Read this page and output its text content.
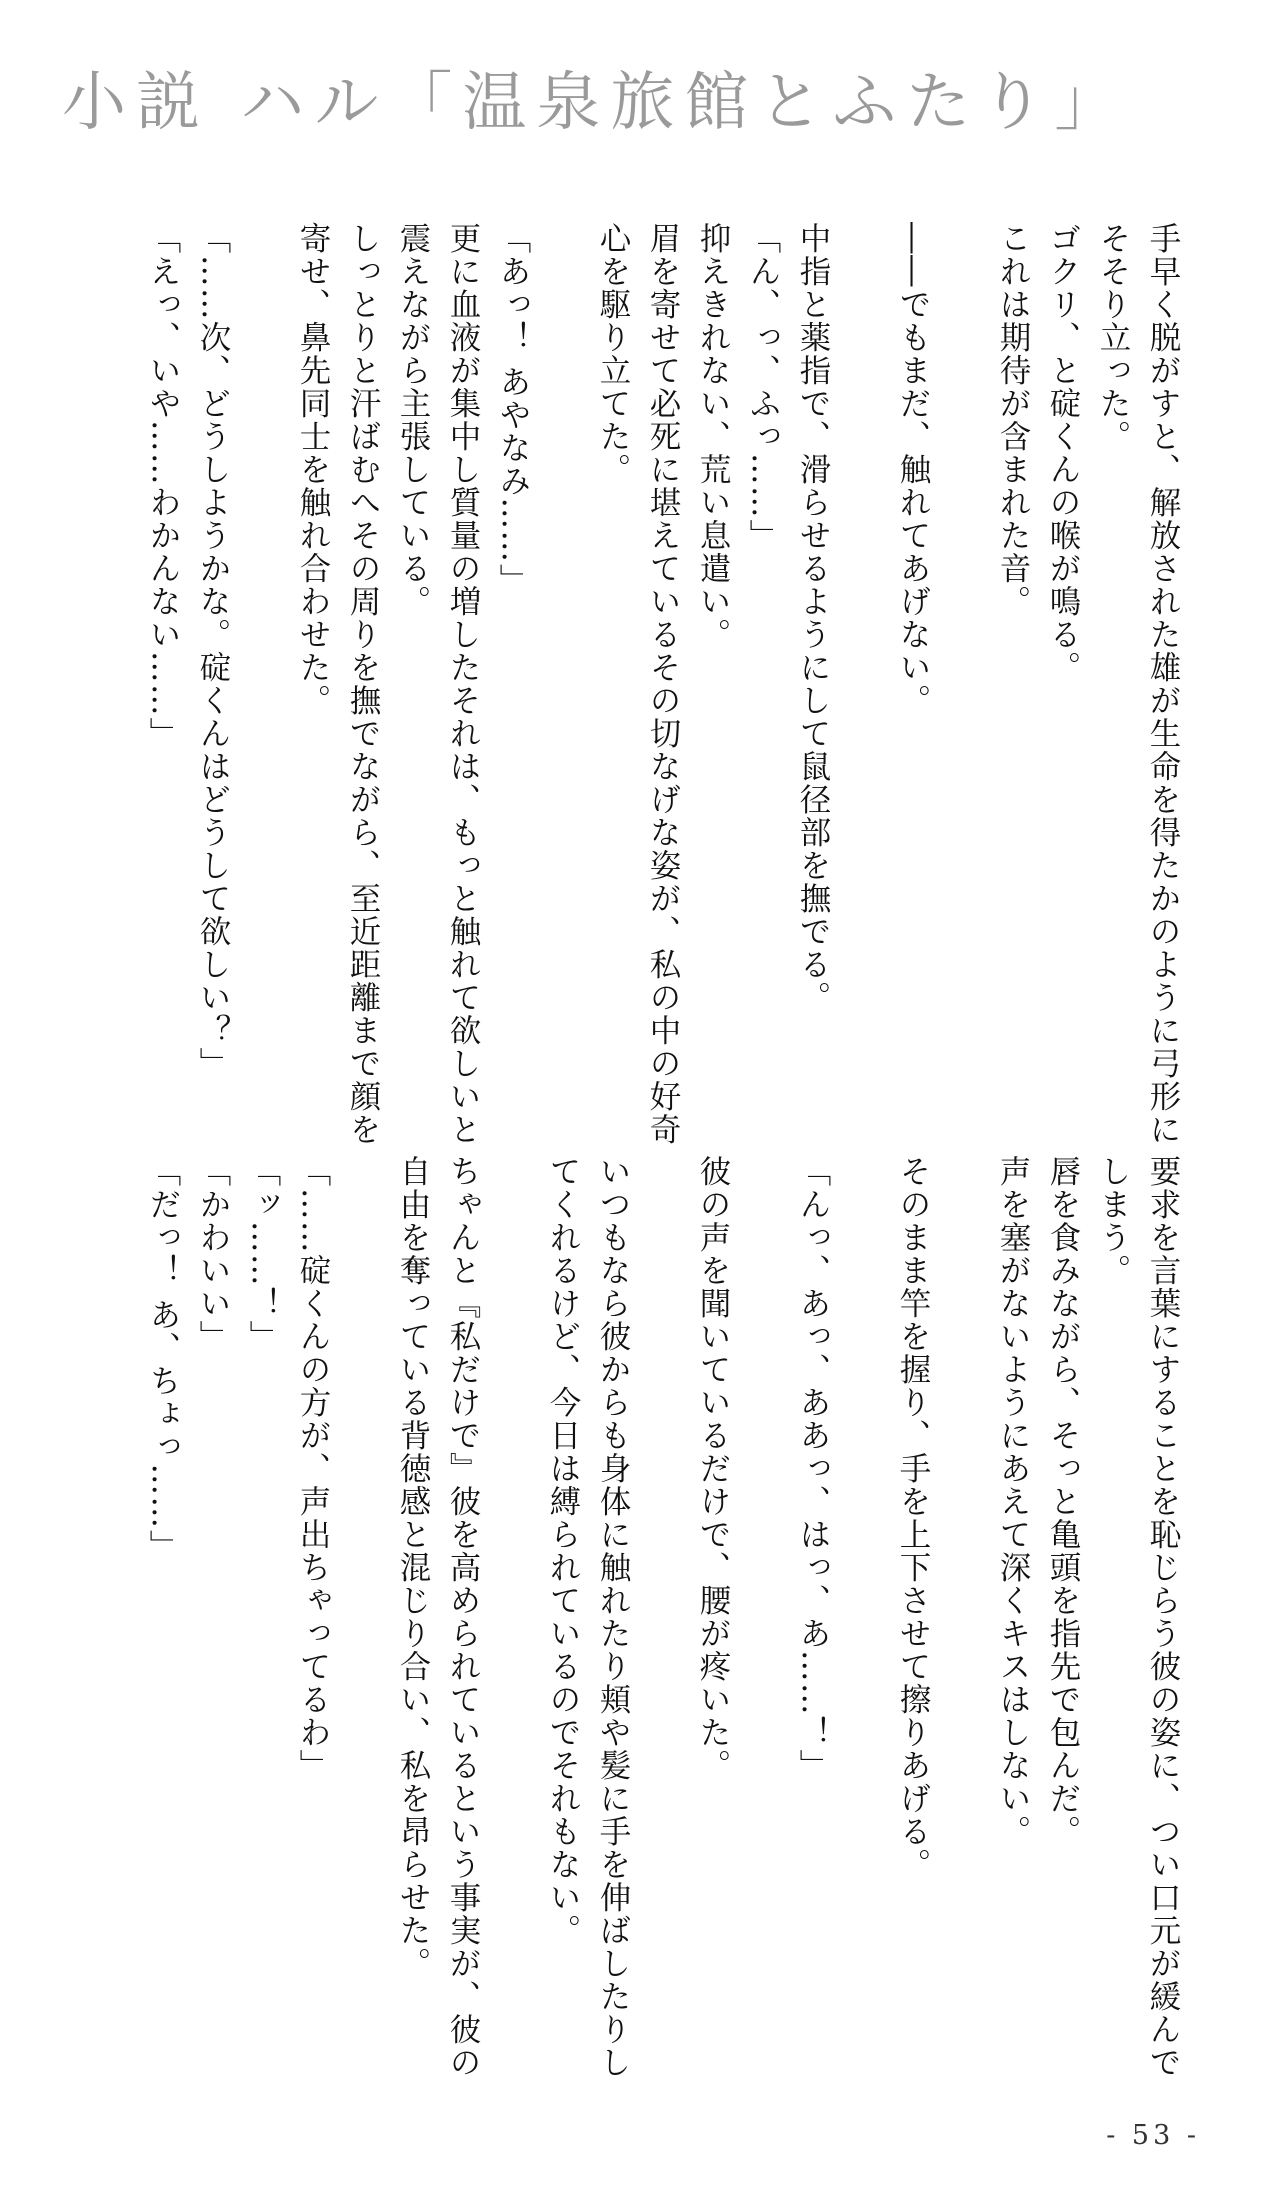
小説 ハル「温泉旅館とふたり」
手早く脱がすと、解放された雄が生命を得たかのように弓形に
そそり立った。
ゴクリ、と碇くんの喉が鳴る。
これは期待が含まれた音。
――でもまだ、触れてあげない。
中指と薬指で、滑らせるようにして鼠径部を撫でる。
「ん、っ、ふっ……」
抑えきれない、荒い息遣い。
眉を寄せて必死に堪えているその切なげな姿が、私の中の好奇
心を駆り立てた。
「あっ！ あやなみ……」
更に血液が集中し質量の増したそれは、もっと触れて欲しいと
震えながら主張している。
しっとりと汗ばむへその周りを撫でながら、至近距離まで顔を
寄せ、鼻先同士を触れ合わせた。
「……次、どうしようかな。碇くんはどうして欲しい？」
「えっ、いや……わかんない……」
要求を言葉にすることを恥じらう彼の姿に、つい口元が緩んで
しまう。
唇を食みながら、そっと亀頭を指先で包んだ。
声を塞がないようにあえて深くキスはしない。
そのまま竿を握り、手を上下させて擦りあげる。
「んっ、あっ、ああっ、はっ、あ……！」
彼の声を聞いているだけで、腰が疼いた。
いつもなら彼からも身体に触れたり頬や髪に手を伸ばしたりし
てくれるけど、今日は縛られているのでそれもない。
ちゃんと『私だけで』彼を高められているという事実が、彼の
自由を奪っている背徳感と混じり合い、私を昂らせた。
「……碇くんの方が、声出ちゃってるわ」
「ッ……！」
「かわいい」
「だっ！ あ、ちょっ……」
- 53 -
